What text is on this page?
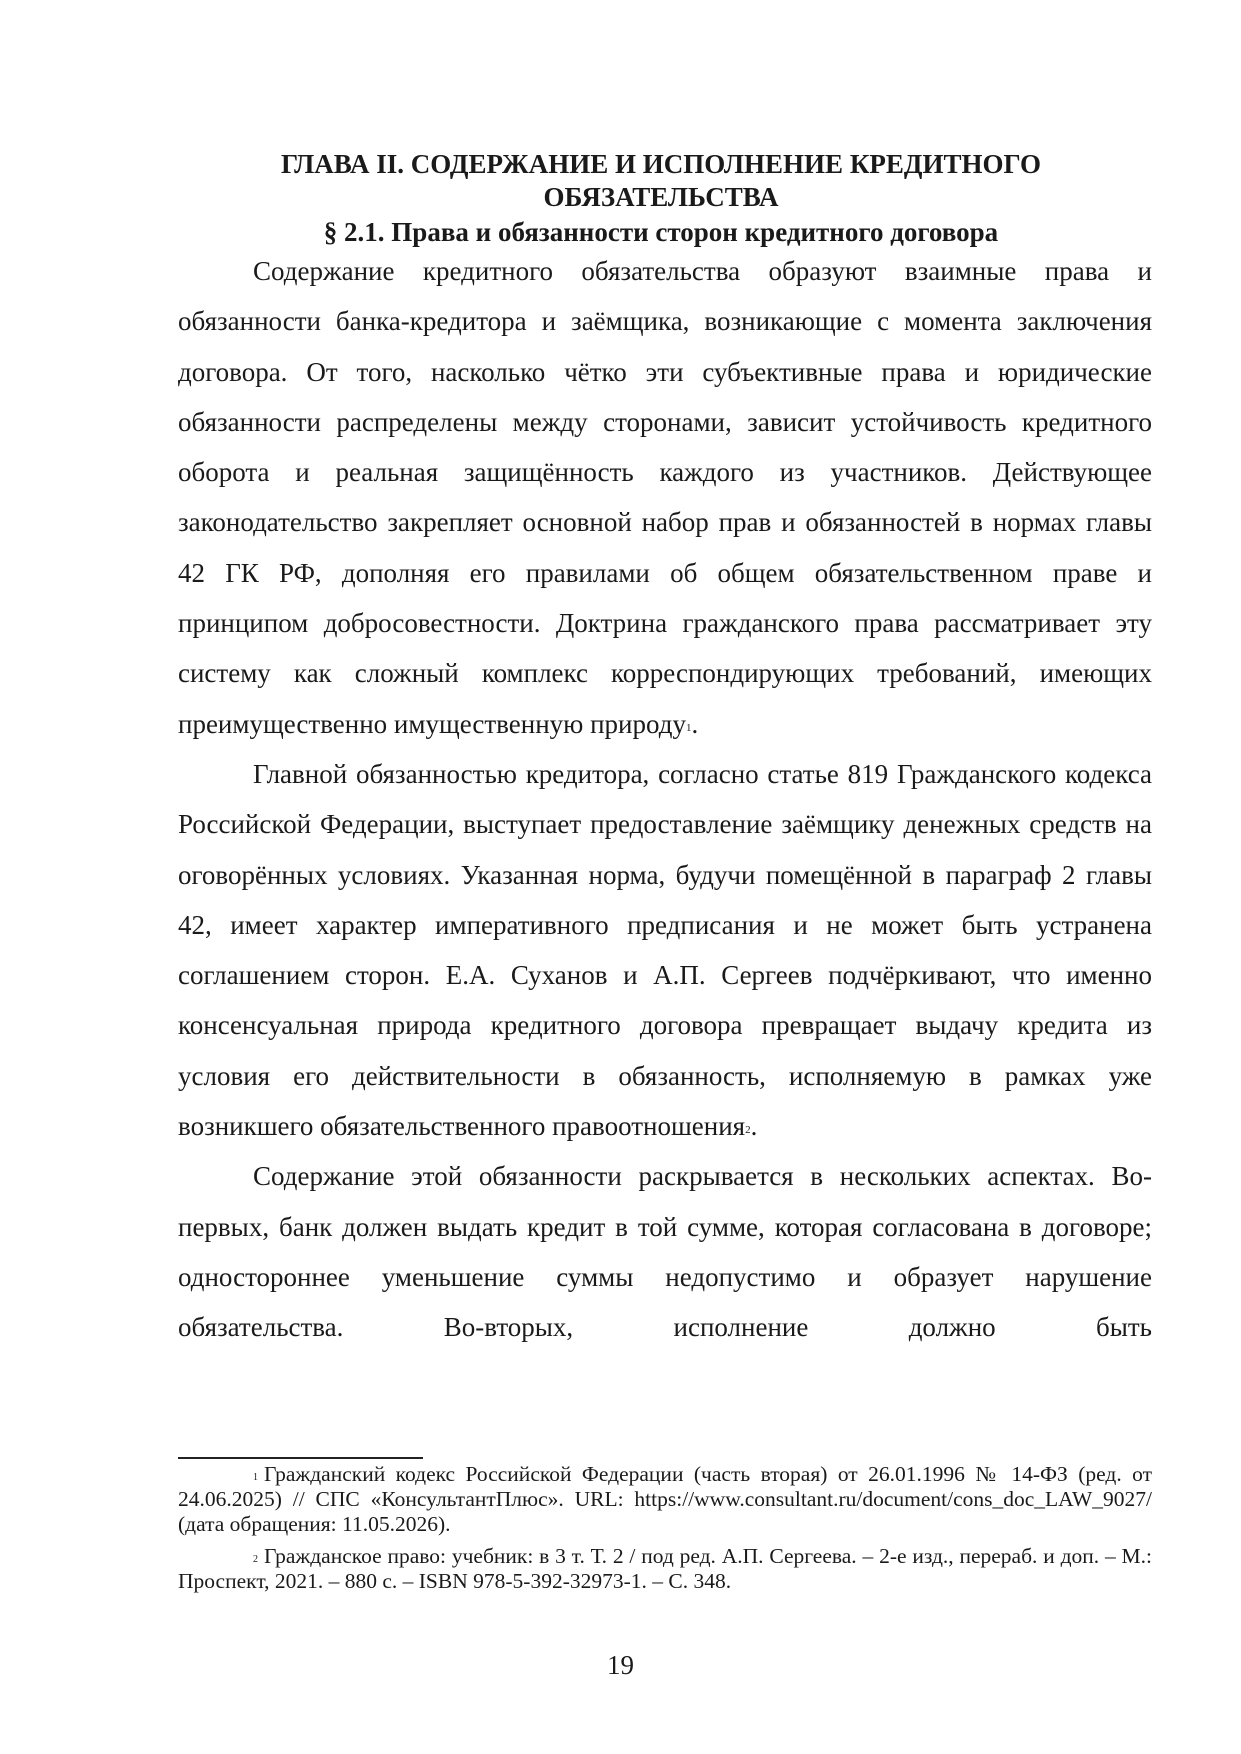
ГЛАВА II. СОДЕРЖАНИЕ И ИСПОЛНЕНИЕ КРЕДИТНОГО ОБЯЗАТЕЛЬСТВА
§ 2.1. Права и обязанности сторон кредитного договора

Содержание кредитного обязательства образуют взаимные права и обязанности банка-кредитора и заёмщика, возникающие с момента заключения договора. От того, насколько чётко эти субъективные права и юридические обязанности распределены между сторонами, зависит устойчивость кредитного оборота и реальная защищённость каждого из участников. Действующее законодательство закрепляет основной набор прав и обязанностей в нормах главы 42 ГК РФ, дополняя его правилами об общем обязательственном праве и принципом добросовестности. Доктрина гражданского права рассматривает эту систему как сложный комплекс корреспондирующих требований, имеющих преимущественно имущественную природу$^1$.

Главной обязанностью кредитора, согласно статье 819 Гражданского кодекса Российской Федерации, выступает предоставление заёмщику денежных средств на оговорённых условиях. Указанная норма, будучи помещённой в параграф 2 главы 42, имеет характер императивного предписания и не может быть устранена соглашением сторон. Е.А. Суханов и А.П. Сергеев подчёркивают, что именно консенсуальная природа кредитного договора превращает выдачу кредита из условия его действительности в обязанность, исполняемую в рамках уже возникшего обязательственного правоотношения$^2$.

Содержание этой обязанности раскрывается в нескольких аспектах. Во-первых, банк должен выдать кредит в той сумме, которая согласована в договоре; одностороннее уменьшение суммы недопустимо и образует нарушение обязательства. Во-вторых, исполнение должно быть

$^1$ Гражданский кодекс Российской Федерации (часть вторая) от 26.01.1996 № 14-ФЗ (ред. от 24.06.2025) // СПС «КонсультантПлюс». URL: https://www.consultant.ru/document/cons_doc_LAW_9027/ (дата обращения: 11.05.2026).

$^2$ Гражданское право: учебник: в 3 т. Т. 2 / под ред. А.П. Сергеева. – 2-е изд., перераб. и доп. – М.: Проспект, 2021. – 880 с. – ISBN 978-5-392-32973-1. – С. 348.

19
